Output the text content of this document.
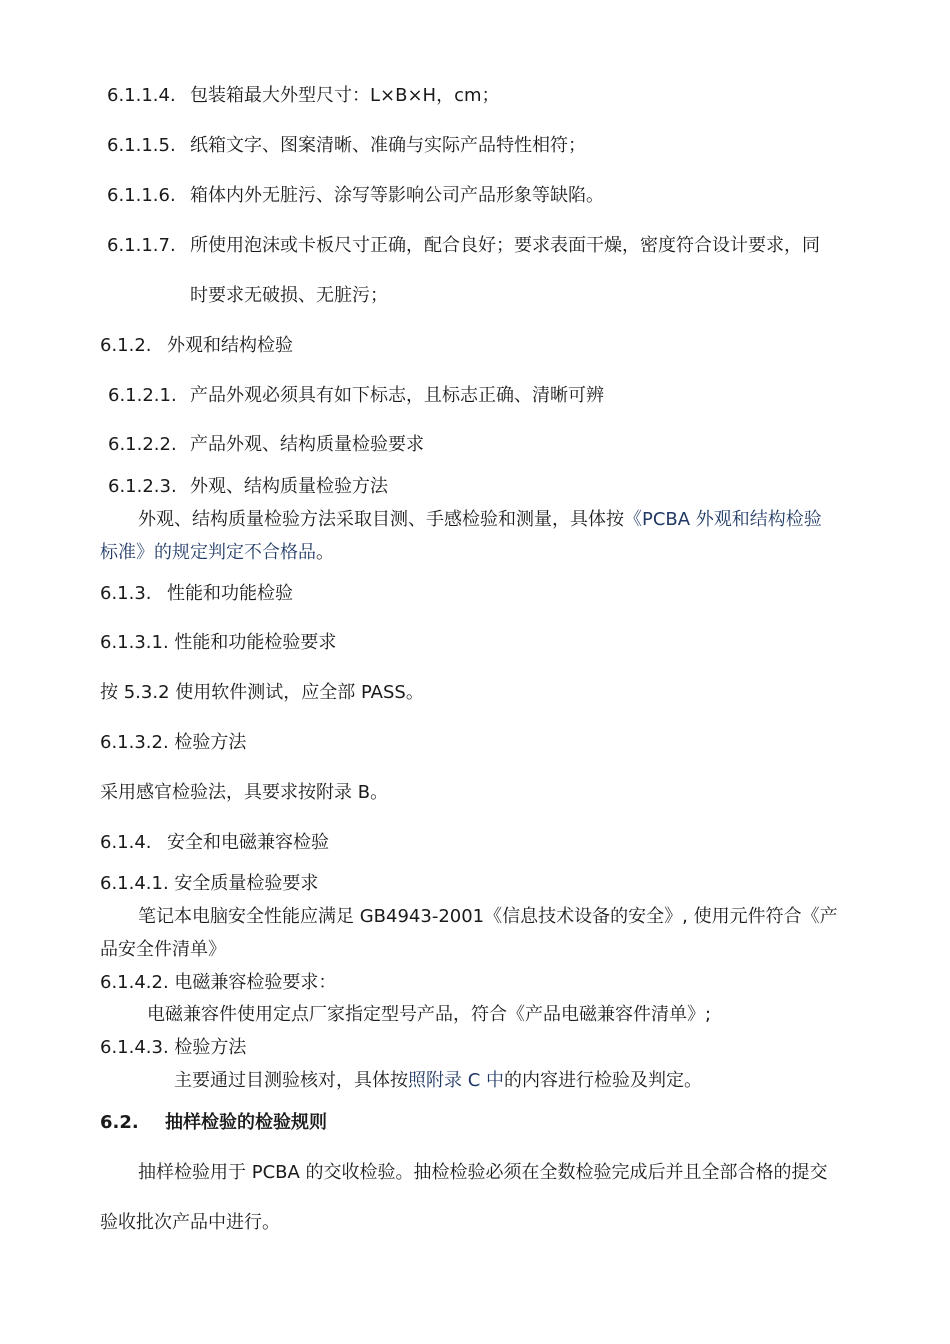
6.1.1.4. 包装箱最大外型尺寸：L×B×H，cm；
6.1.1.5. 纸箱文字、图案清晰、准确与实际产品特性相符；
6.1.1.6. 箱体内外无脏污、涂写等影响公司产品形象等缺陷。
6.1.1.7. 所使用泡沫或卡板尺寸正确，配合良好；要求表面干燥，密度符合设计要求，同
时要求无破损、无脏污；
6.1.2. 外观和结构检验
6.1.2.1. 产品外观必须具有如下标志，且标志正确、清晰可辨
6.1.2.2. 产品外观、结构质量检验要求
6.1.2.3. 外观、结构质量检验方法
外观、结构质量检验方法采取目测、手感检验和测量，具体按《PCBA 外观和结构检验
标准》的规定判定不合格品。
6.1.3. 性能和功能检验
6.1.3.1. 性能和功能检验要求
按 5.3.2 使用软件测试，应全部 PASS。
6.1.3.2. 检验方法
采用感官检验法，具要求按附录 B。
6.1.4. 安全和电磁兼容检验
6.1.4.1. 安全质量检验要求
笔记本电脑安全性能应满足 GB4943-2001《信息技术设备的安全》, 使用元件符合《产
品安全件清单》
6.1.4.2. 电磁兼容检验要求：
电磁兼容件使用定点厂家指定型号产品，符合《产品电磁兼容件清单》;
6.1.4.3. 检验方法
主要通过目测验核对，具体按照附录 C 中的内容进行检验及判定。
6.2. 抽样检验的检验规则
抽样检验用于 PCBA 的交收检验。抽检检验必须在全数检验完成后并且全部合格的提交
验收批次产品中进行。
